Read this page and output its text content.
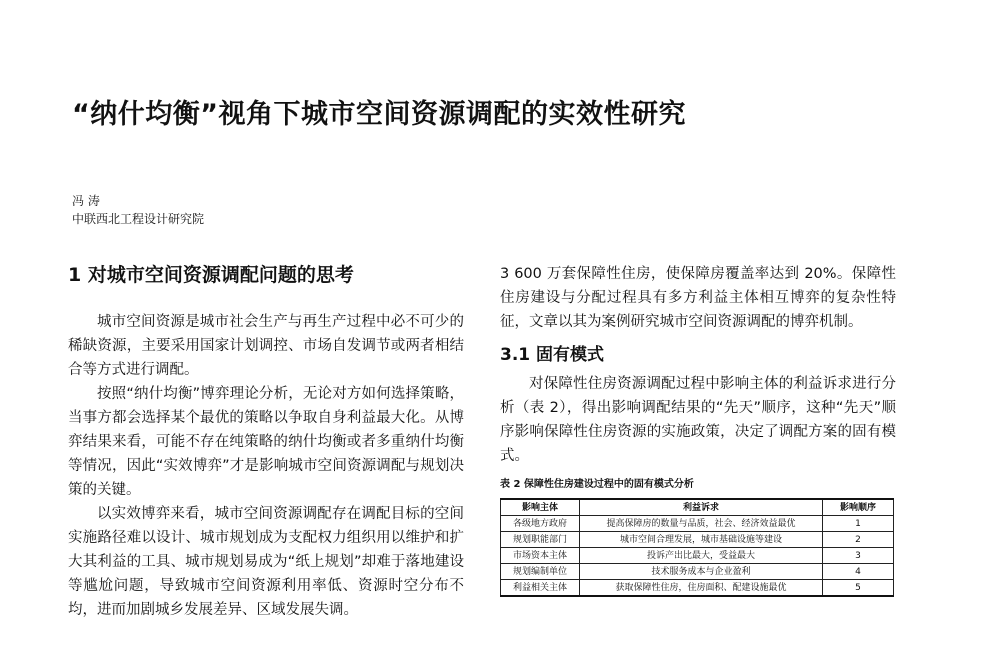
“纳什均衡”视角下城市空间资源调配的实效性研究
冯 涛
中联西北工程设计研究院
1 对城市空间资源调配问题的思考

城市空间资源是城市社会生产与再生产过程中必不可少的稀缺资源，主要采用国家计划调控、市场自发调节或两者相结合等方式进行调配。

按照“纳什均衡”博弈理论分析，无论对方如何选择策略，当事方都会选择某个最优的策略以争取自身利益最大化。从博弈结果来看，可能不存在纯策略的纳什均衡或者多重纳什均衡等情况，因此“实效博弈”才是影响城市空间资源调配与规划决策的关键。

以实效博弈来看，城市空间资源调配存在调配目标的空间实施路径难以设计、城市规划成为支配权力组织用以维护和扩大其利益的工具、城市规划易成为“纸上规划”却难于落地建设等尴尬问题，导致城市空间资源利用率低、资源时空分布不均，进而加剧城乡发展差异、区域发展失调。

3 600 万套保障性住房，使保障房覆盖率达到 20%。保障性住房建设与分配过程具有多方利益主体相互博弈的复杂性特征，文章以其为案例研究城市空间资源调配的博弈机制。

3.1 固有模式

对保障性住房资源调配过程中影响主体的利益诉求进行分析（表 2），得出影响调配结果的“先天”顺序，这种“先天”顺序影响保障性住房资源的实施政策，决定了调配方案的固有模式。

表 2 保障性住房建设过程中的固有模式分析
影响主体	利益诉求	影响顺序
各级地方政府	提高保障房的数量与品质，社会、经济效益最优	1
规划职能部门	城市空间合理发展，城市基础设施等建设	2
市场资本主体	投诉产出比最大，受益最大	3
规划编制单位	技术服务成本与企业盈利	4
利益相关主体	获取保障性住房，住房面积、配建设施最优	5
